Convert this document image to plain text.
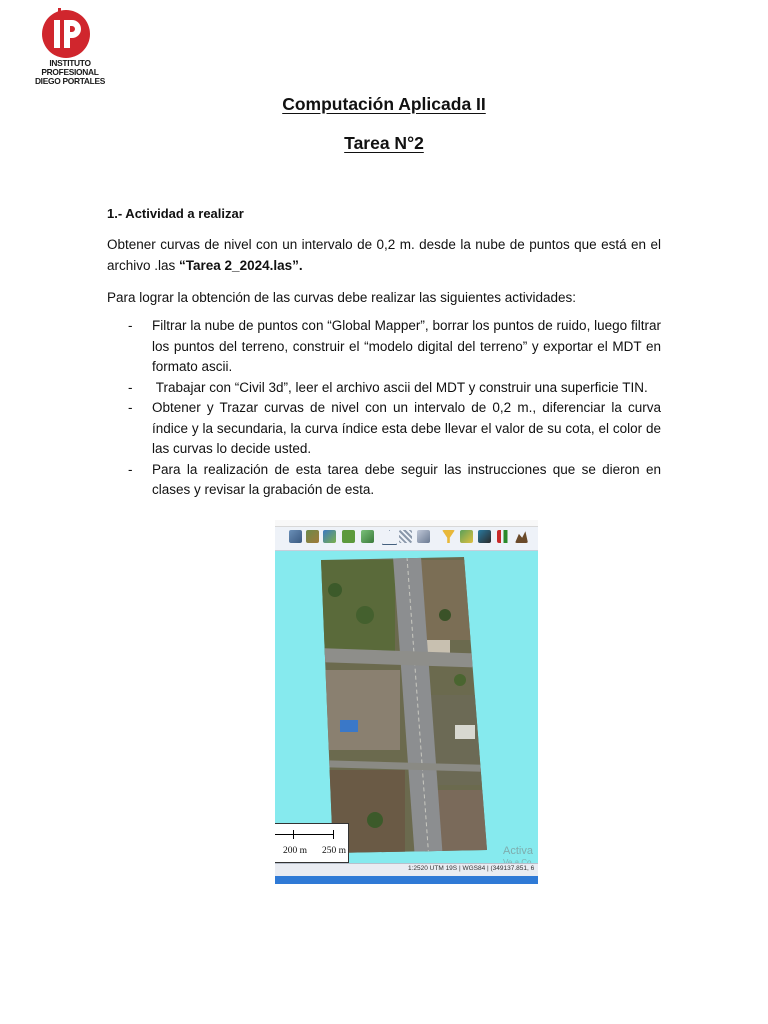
INSTITUTO PROFESIONAL
DIEGO PORTALES
Computación Aplicada II
Tarea N°2
1.- Actividad a realizar
Obtener curvas de nivel con un intervalo de 0,2 m. desde la nube de puntos que está en el archivo .las “Tarea 2_2024.las”.
Para lograr la obtención de las curvas debe realizar las siguientes actividades:
- Filtrar la nube de puntos con “Global Mapper”, borrar los puntos de ruido, luego filtrar los puntos del terreno, construir el “modelo digital del terreno” y exportar el MDT en formato ascii.
- Trabajar con “Civil 3d”, leer el archivo ascii del MDT y construir una superficie TIN.
- Obtener y Trazar curvas de nivel con un intervalo de 0,2 m., diferenciar la curva índice y la secundaria, la curva índice esta debe llevar el valor de su cota, el color de las curvas lo decide usted.
- Para la realización de esta tarea debe seguir las instrucciones que se dieron en clases y revisar la grabación de esta.
200 m 250 m	Activa
1:2520 UTM 19S | WGS84 | (349137.851, 6
